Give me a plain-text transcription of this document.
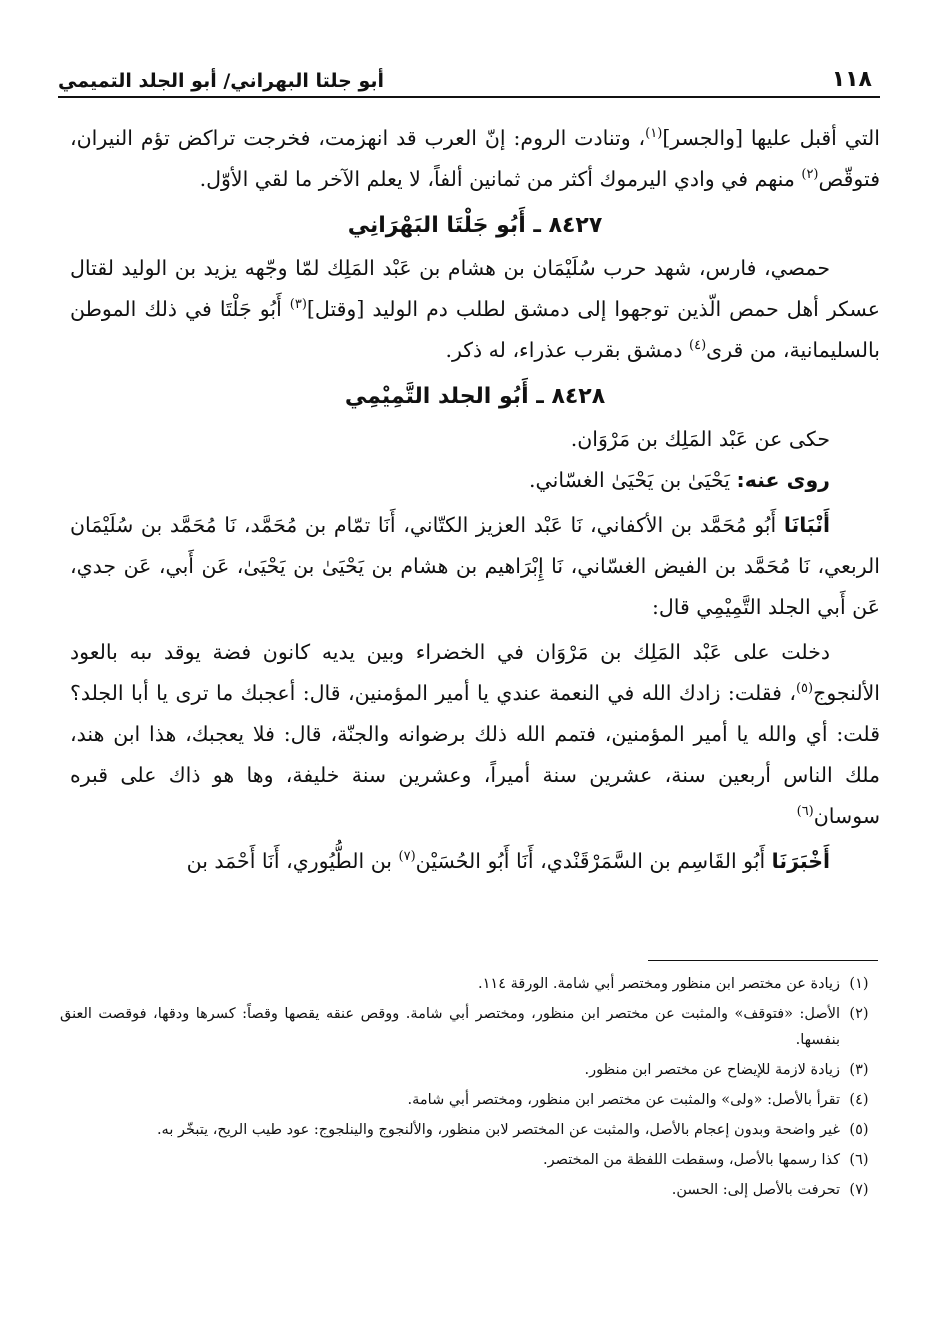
١١٨
أبو جلتا البهراني/ أبو الجلد التميمي

التي أقبل عليها [والجسر]$^{(١)}$، وتنادت الروم: إنّ العرب قد انهزمت، فخرجت تراكض تؤم النيران، فتوقّص$^{(٢)}$ منهم في وادي اليرموك أكثر من ثمانين ألفاً، لا يعلم الآخر ما لقي الأوّل.

٨٤٢٧ ـ أَبُو جَلْتَا البَهْرَانِي

حمصي، فارس، شهد حرب سُلَيْمَان بن هشام بن عَبْد المَلِك لمّا وجّهه يزيد بن الوليد لقتال عسكر أهل حمص الّذين توجهوا إلى دمشق لطلب دم الوليد [وقتل]$^{(٣)}$ أَبُو جَلْتَا في ذلك الموطن بالسليمانية، من قرى$^{(٤)}$ دمشق بقرب عذراء، له ذكر.

٨٤٢٨ ـ أَبُو الجلد التَّمِيْمِي

حكى عن عَبْد المَلِك بن مَرْوَان.

روى عنه: يَحْيَىٰ بن يَحْيَىٰ الغسّاني.

أَنْبَانَا أَبُو مُحَمَّد بن الأكفاني، نَا عَبْد العزيز الكتّاني، أَنَا تمّام بن مُحَمَّد، نَا مُحَمَّد بن سُلَيْمَان الربعي، نَا مُحَمَّد بن الفيض الغسّاني، نَا إِبْرَاهيم بن هشام بن يَحْيَىٰ بن يَحْيَىٰ، عَن أَبي، عَن جدي، عَن أَبي الجلد التَّمِيْمِي قال:

دخلت على عَبْد المَلِك بن مَرْوَان في الخضراء وبين يديه كانون فضة يوقد ىبه بالعود الألنجوج$^{(٥)}$، فقلت: زادك الله في النعمة عندي يا أمير المؤمنين، قال: أعجبك ما ترى يا أبا الجلد؟ قلت: أي والله يا أمير المؤمنين، فتمم الله ذلك برضوانه والجنّة، قال: فلا يعجبك، هذا ابن هند، ملك الناس أربعين سنة، عشرين سنة أميراً، وعشرين سنة خليفة، وها هو ذاك على قبره سوسان$^{(٦)}$

أَخْبَرَنَا أَبُو القَاسِم بن السَّمَرْقَنْدي، أَنَا أَبُو الحُسَيْن$^{(٧)}$ بن الطُّيُوري، أَنَا أَحْمَد بن

(١)
زيادة عن مختصر ابن منظور ومختصر أبي شامة. الورقة ١١٤.
(٢)
الأصل: «فتوقف» والمثبت عن مختصر ابن منظور، ومختصر أبي شامة. ووقص عنقه يقصها وقصاً: كسرها ودقها، فوقصت العنق بنفسها.
(٣)
زيادة لازمة للإيضاح عن مختصر ابن منظور.
(٤)
تقرأ بالأصل: «ولى» والمثبت عن مختصر ابن منظور، ومختصر أبي شامة.
(٥)
غير واضحة وبدون إعجام بالأصل، والمثبت عن المختصر لابن منظور، والألنجوج والينلجوج: عود طيب الريح، يتبخّر به.
(٦)
كذا رسمها بالأصل، وسقطت اللفظة من المختصر.
(٧)
تحرفت بالأصل إلى: الحسن.
